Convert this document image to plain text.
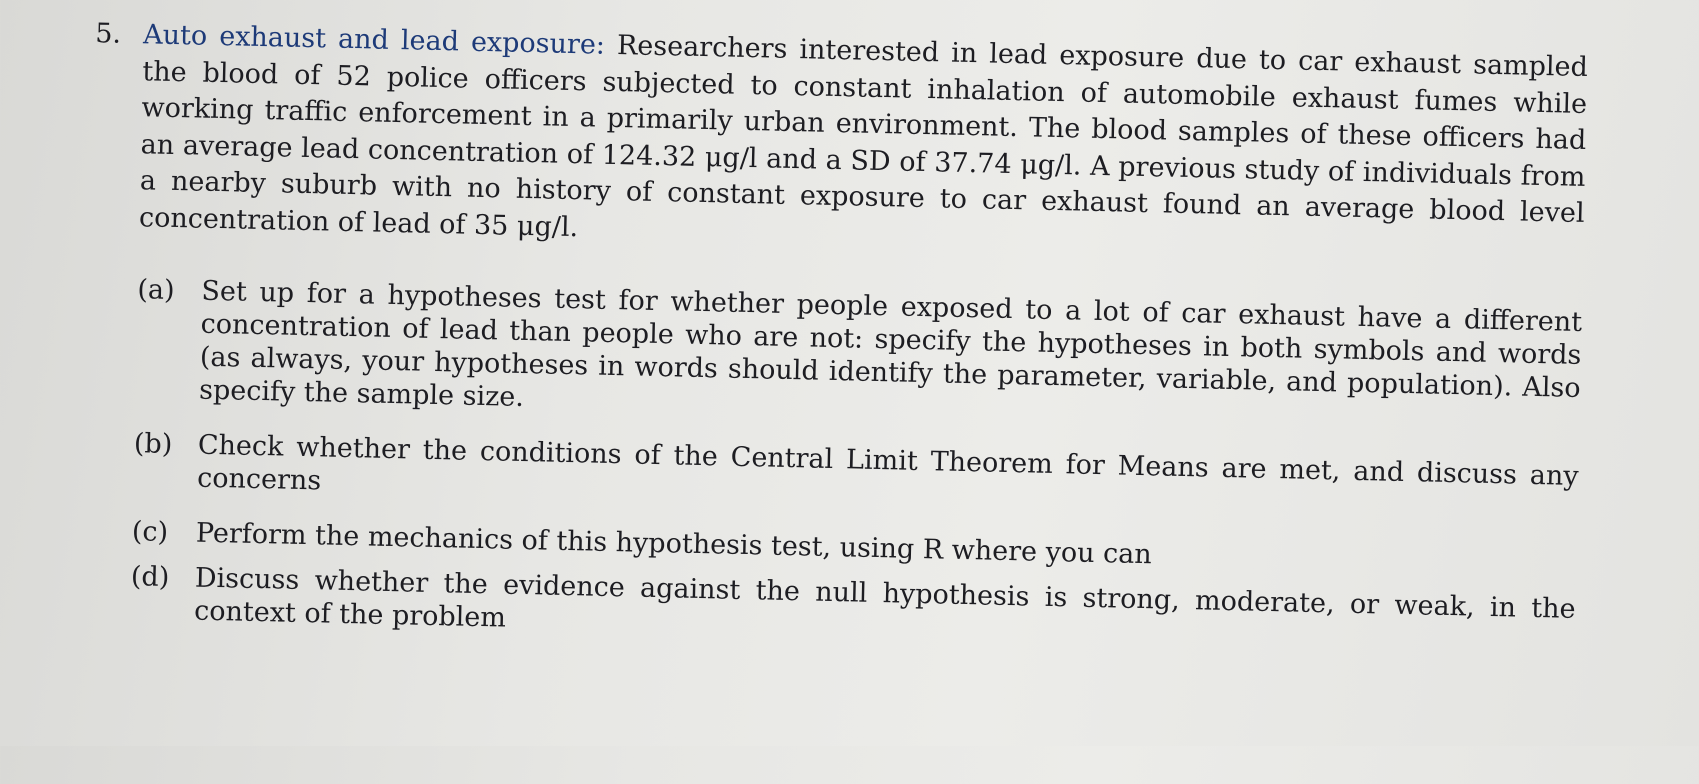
5. Auto exhaust and lead exposure: Researchers interested in lead exposure due to car exhaust sampled the blood of 52 police officers subjected to constant inhalation of automobile exhaust fumes while working traffic enforcement in a primarily urban environment. The blood samples of these officers had an average lead concentration of 124.32 μg/l and a SD of 37.74 μg/l. A previous study of individuals from a nearby suburb with no history of constant exposure to car exhaust found an average blood level concentration of lead of 35 μg/l.
(a) Set up for a hypotheses test for whether people exposed to a lot of car exhaust have a different concentration of lead than people who are not: specify the hypotheses in both symbols and words (as always, your hypotheses in words should identify the parameter, variable, and population). Also specify the sample size.
(b) Check whether the conditions of the Central Limit Theorem for Means are met, and discuss any concerns
(c) Perform the mechanics of this hypothesis test, using R where you can
(d) Discuss whether the evidence against the null hypothesis is strong, moderate, or weak, in the context of the problem
